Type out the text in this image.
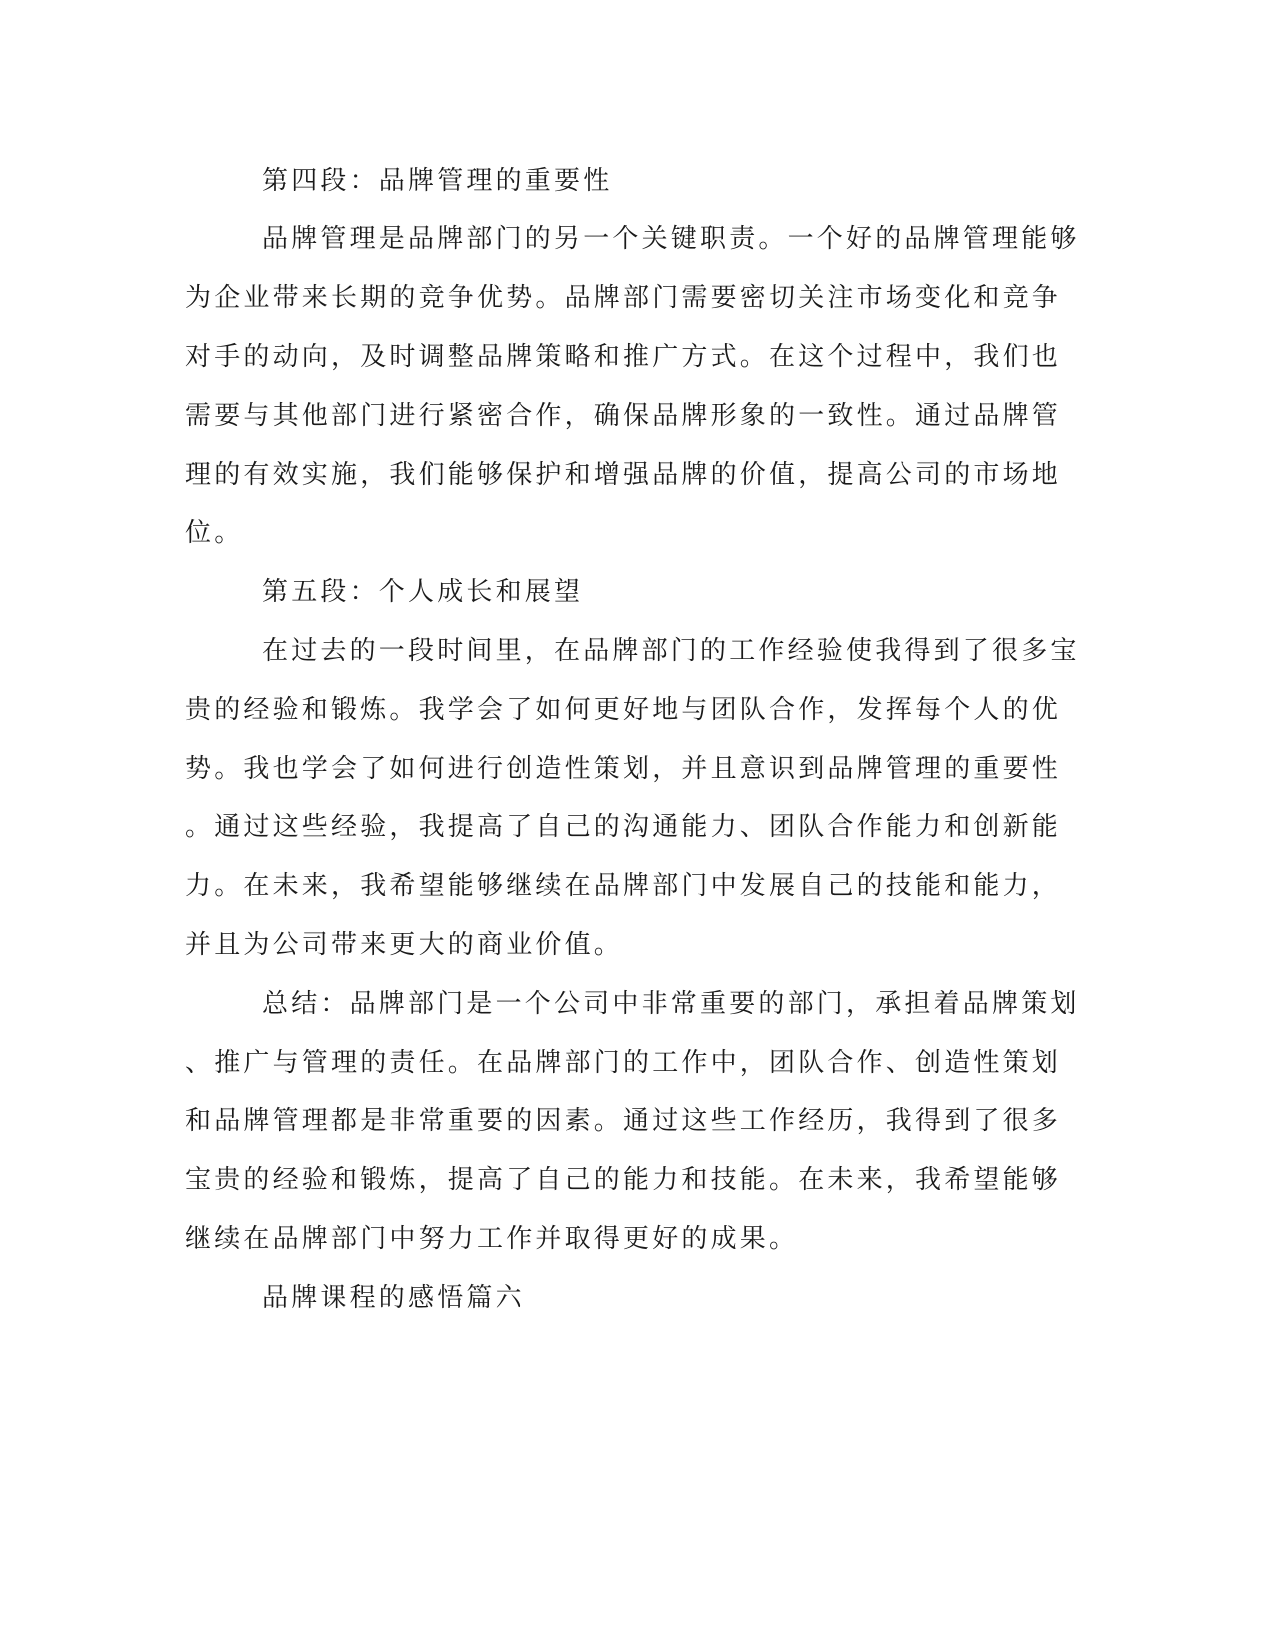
第四段：品牌管理的重要性
品牌管理是品牌部门的另一个关键职责。一个好的品牌管理能够
为企业带来长期的竞争优势。品牌部门需要密切关注市场变化和竞争
对手的动向，及时调整品牌策略和推广方式。在这个过程中，我们也
需要与其他部门进行紧密合作，确保品牌形象的一致性。通过品牌管
理的有效实施，我们能够保护和增强品牌的价值，提高公司的市场地
位。
第五段：个人成长和展望
在过去的一段时间里，在品牌部门的工作经验使我得到了很多宝
贵的经验和锻炼。我学会了如何更好地与团队合作，发挥每个人的优
势。我也学会了如何进行创造性策划，并且意识到品牌管理的重要性
。通过这些经验，我提高了自己的沟通能力、团队合作能力和创新能
力。在未来，我希望能够继续在品牌部门中发展自己的技能和能力，
并且为公司带来更大的商业价值。
总结：品牌部门是一个公司中非常重要的部门，承担着品牌策划
、推广与管理的责任。在品牌部门的工作中，团队合作、创造性策划
和品牌管理都是非常重要的因素。通过这些工作经历，我得到了很多
宝贵的经验和锻炼，提高了自己的能力和技能。在未来，我希望能够
继续在品牌部门中努力工作并取得更好的成果。
品牌课程的感悟篇六
